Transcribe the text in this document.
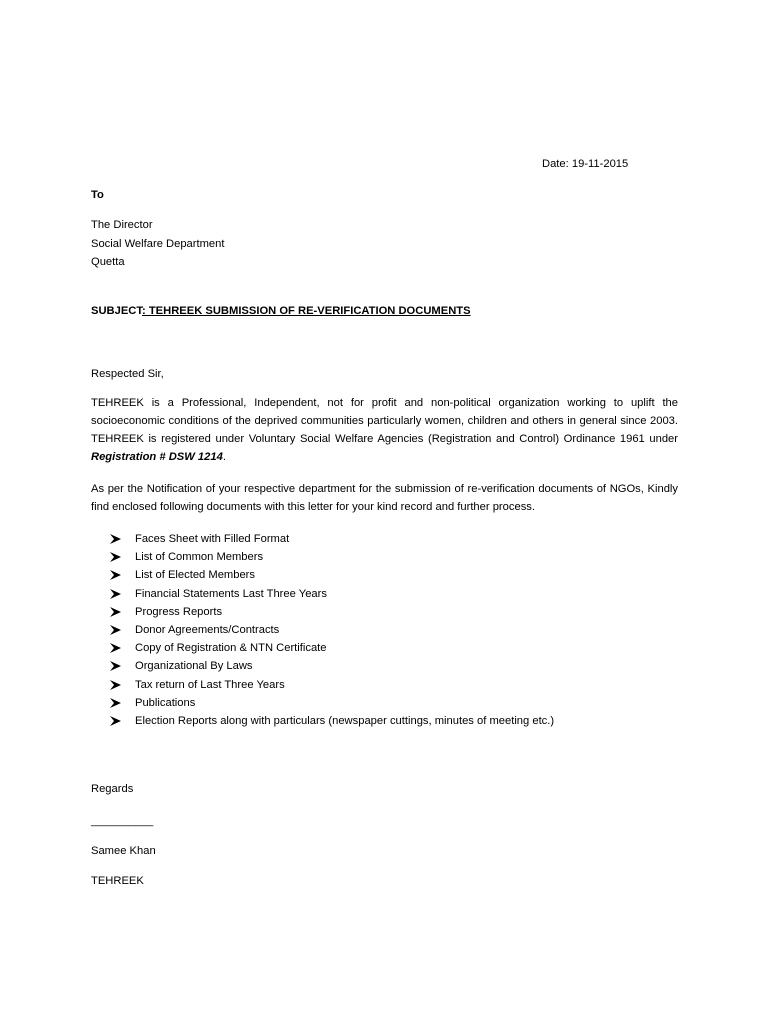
Date: 19-11-2015
To
The Director
Social Welfare Department
Quetta
SUBJECT: TEHREEK SUBMISSION OF RE-VERIFICATION DOCUMENTS
Respected Sir,
TEHREEK is a Professional, Independent, not for profit and non-political organization working to uplift the socioeconomic conditions of the deprived communities particularly women, children and others in general since 2003. TEHREEK is registered under Voluntary Social Welfare Agencies (Registration and Control) Ordinance 1961 under Registration # DSW 1214.
As per the Notification of your respective department for the submission of re-verification documents of NGOs, Kindly find enclosed following documents with this letter for your kind record and further process.
Faces Sheet with Filled Format
List of Common Members
List of Elected Members
Financial Statements Last Three Years
Progress Reports
Donor Agreements/Contracts
Copy of Registration & NTN Certificate
Organizational By Laws
Tax return of Last Three Years
Publications
Election Reports along with particulars (newspaper cuttings, minutes of meeting etc.)
Regards
__________
Samee Khan
TEHREEK
